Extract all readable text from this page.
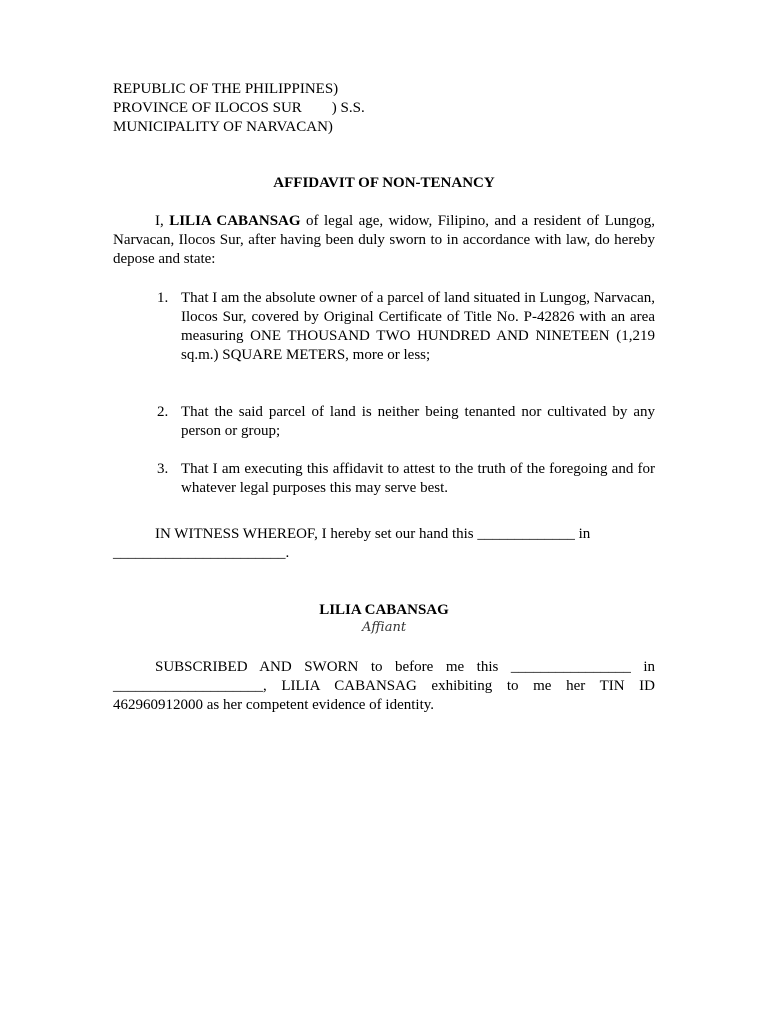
REPUBLIC OF THE PHILIPPINES)
PROVINCE OF ILOCOS SUR        ) S.S.
MUNICIPALITY OF NARVACAN)
AFFIDAVIT OF NON-TENANCY

I, LILIA CABANSAG of legal age, widow, Filipino, and a resident of Lungog, Narvacan, Ilocos Sur, after having been duly sworn to in accordance with law, do hereby depose and state:

1. That I am the absolute owner of a parcel of land situated in Lungog, Narvacan, Ilocos Sur, covered by Original Certificate of Title No. P-42826 with an area measuring ONE THOUSAND TWO HUNDRED AND NINETEEN (1,219 sq.m.) SQUARE METERS, more or less;

2. That the said parcel of land is neither being tenanted nor cultivated by any person or group;

3. That I am executing this affidavit to attest to the truth of the foregoing and for whatever legal purposes this may serve best.

IN WITNESS WHEREOF, I hereby set our hand this _____________ in _______________________.

LILIA CABANSAG
Affiant

SUBSCRIBED AND SWORN to before me this ________________ in ____________________, LILIA CABANSAG exhibiting to me her TIN ID 462960912000 as her competent evidence of identity.
